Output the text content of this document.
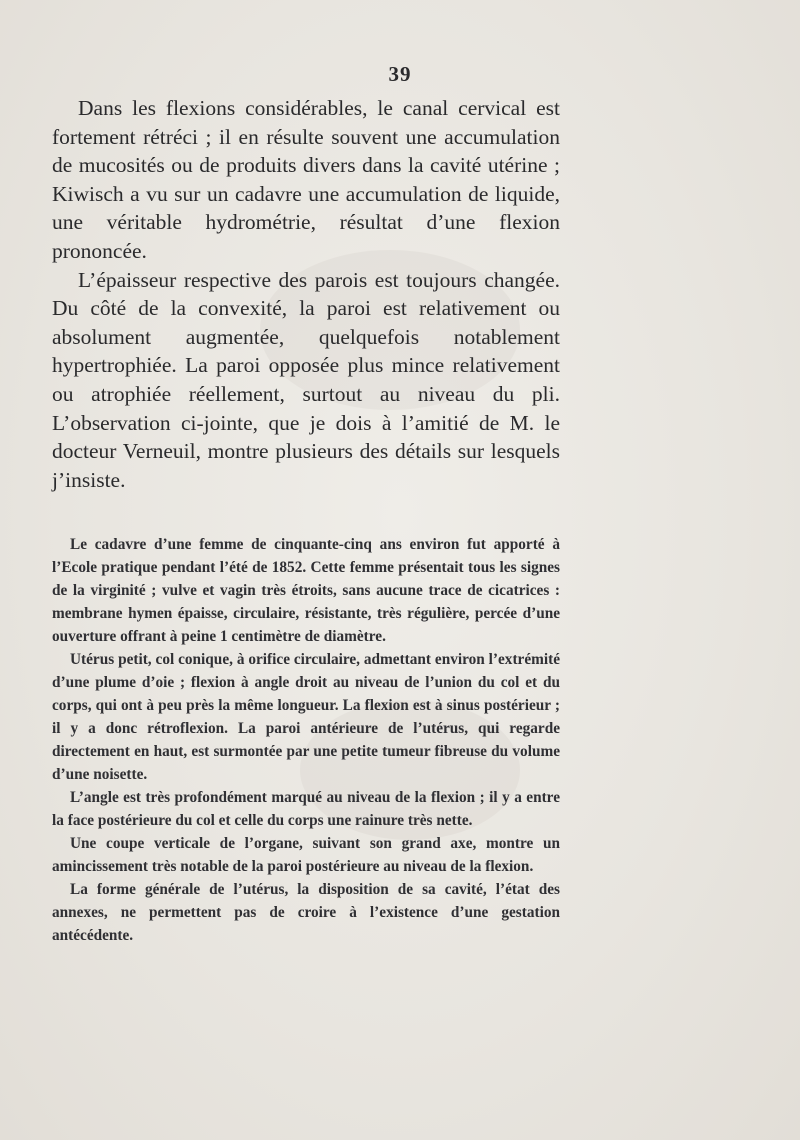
39

Dans les flexions considérables, le canal cervical est fortement rétréci ; il en résulte souvent une accumulation de mucosités ou de produits divers dans la cavité utérine ; Kiwisch a vu sur un cadavre une accumulation de liquide, une véritable hydrométrie, résultat d’une flexion prononcée.

L’épaisseur respective des parois est toujours changée. Du côté de la convexité, la paroi est relativement ou absolument augmentée, quelquefois notablement hypertrophiée. La paroi opposée plus mince relativement ou atrophiée réellement, surtout au niveau du pli. L’observation ci-jointe, que je dois à l’amitié de M. le docteur Verneuil, montre plusieurs des détails sur lesquels j’insiste.

Le cadavre d’une femme de cinquante-cinq ans environ fut apporté à l’Ecole pratique pendant l’été de 1852. Cette femme présentait tous les signes de la virginité ; vulve et vagin très étroits, sans aucune trace de cicatrices : membrane hymen épaisse, circulaire, résistante, très régulière, percée d’une ouverture offrant à peine 1 centimètre de diamètre.

Utérus petit, col conique, à orifice circulaire, admettant environ l’extrémité d’une plume d’oie ; flexion à angle droit au niveau de l’union du col et du corps, qui ont à peu près la même longueur. La flexion est à sinus postérieur ; il y a donc rétroflexion. La paroi antérieure de l’utérus, qui regarde directement en haut, est surmontée par une petite tumeur fibreuse du volume d’une noisette.

L’angle est très profondément marqué au niveau de la flexion ; il y a entre la face postérieure du col et celle du corps une rainure très nette.

Une coupe verticale de l’organe, suivant son grand axe, montre un amincissement très notable de la paroi postérieure au niveau de la flexion.

La forme générale de l’utérus, la disposition de sa cavité, l’état des annexes, ne permettent pas de croire à l’existence d’une gestation antécédente.
